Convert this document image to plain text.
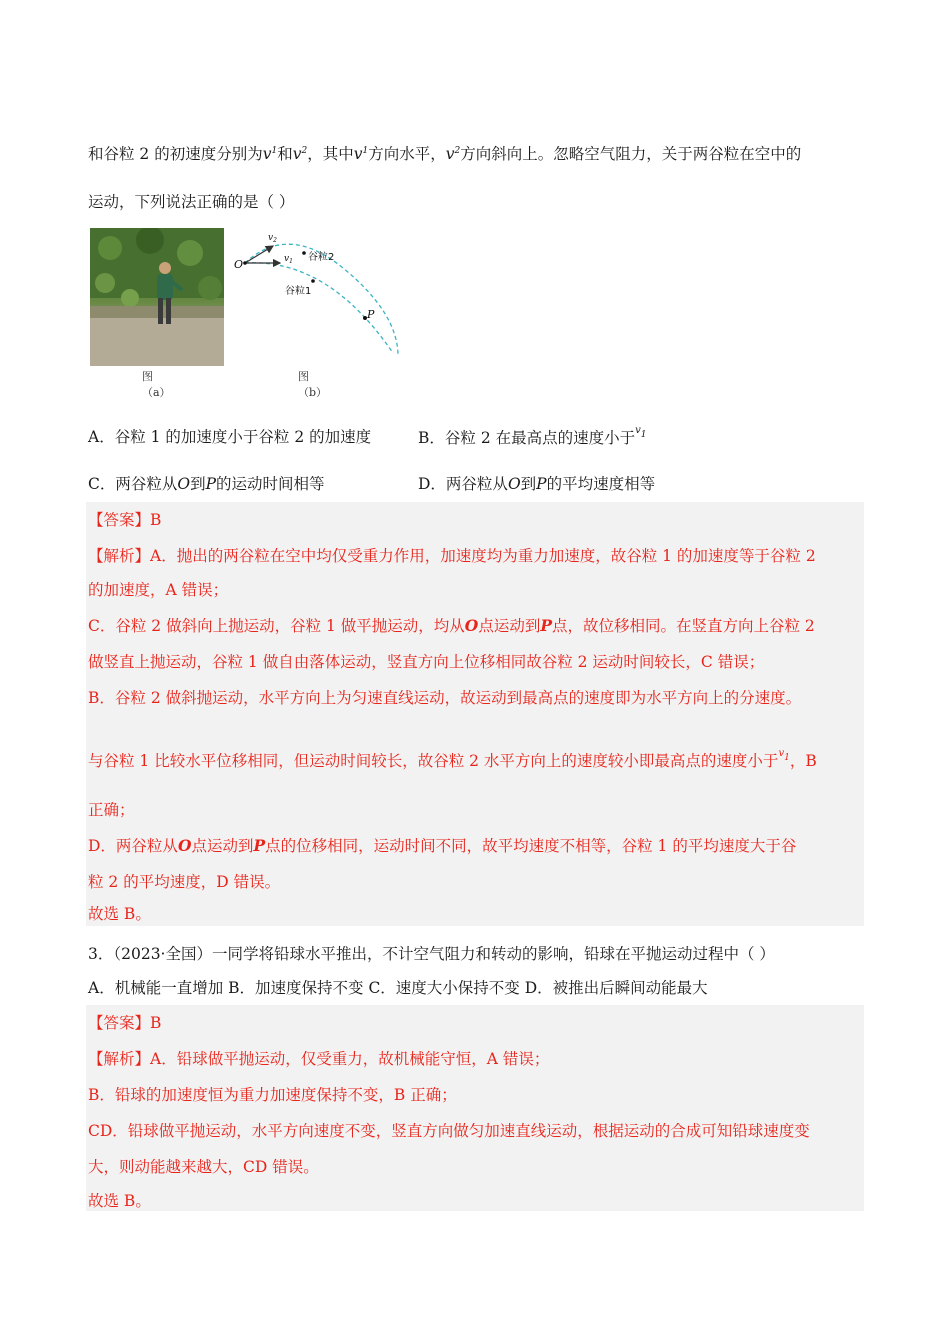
和谷粒 2 的初速度分别为$v^1$和$v^2$，其中$v^1$方向水平，$v^2$方向斜向上。忽略空气阻力，关于两谷粒在空中的
运动，下列说法正确的是（ ）
图（a）
O
$v_2$
$v_1$ 谷粒2
谷粒1
P
图（b）
A．谷粒 1 的加速度小于谷粒 2 的加速度	B．谷粒 2 在最高点的速度小于$^{v1}$
C．两谷粒从O到P的运动时间相等	D．两谷粒从O到P的平均速度相等
【答案】B
【解析】A．抛出的两谷粒在空中均仅受重力作用，加速度均为重力加速度，故谷粒 1 的加速度等于谷粒 2
的加速度，A 错误；
C．谷粒 2 做斜向上抛运动，谷粒 1 做平抛运动，均从O点运动到P点，故位移相同。在竖直方向上谷粒 2
做竖直上抛运动，谷粒 1 做自由落体运动，竖直方向上位移相同故谷粒 2 运动时间较长，C 错误；
B．谷粒 2 做斜抛运动，水平方向上为匀速直线运动，故运动到最高点的速度即为水平方向上的分速度。
与谷粒 1 比较水平位移相同，但运动时间较长，故谷粒 2 水平方向上的速度较小即最高点的速度小于$^{v1}$，B
正确；
D．两谷粒从O点运动到P点的位移相同，运动时间不同，故平均速度不相等，谷粒 1 的平均速度大于谷
粒 2 的平均速度，D 错误。
故选 B。
3．（2023·全国）一同学将铅球水平推出，不计空气阻力和转动的影响，铅球在平抛运动过程中（ ）
A．机械能一直增加 B．加速度保持不变 C．速度大小保持不变 D．被推出后瞬间动能最大
【答案】B
【解析】A．铅球做平抛运动，仅受重力，故机械能守恒，A 错误；
B．铅球的加速度恒为重力加速度保持不变，B 正确；
CD．铅球做平抛运动，水平方向速度不变，竖直方向做匀加速直线运动，根据运动的合成可知铅球速度变
大，则动能越来越大，CD 错误。
故选 B。
